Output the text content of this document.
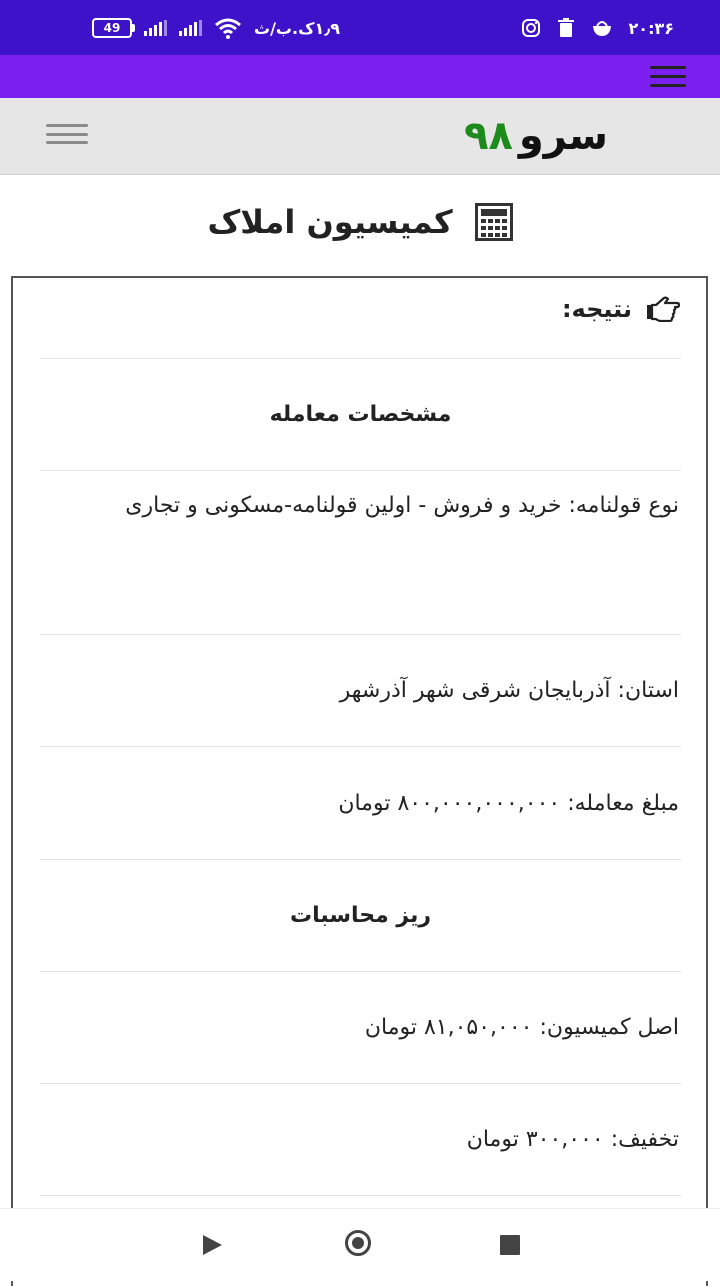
49	۱٫۹ک.ب/ث	۲۰:۳۶
سرو۹۸
کمیسیون املاک
نتیجه:
مشخصات معامله
نوع قولنامه: خرید و فروش - اولین قولنامه-مسکونی و تجاری
استان: آذربایجان شرقی شهر آذرشهر
مبلغ معامله: ۸۰۰,۰۰۰,۰۰۰,۰۰۰ تومان
ریز محاسبات
اصل کمیسیون: ۸۱,۰۵۰,۰۰۰ تومان
تخفیف: ۳۰۰,۰۰۰ تومان
